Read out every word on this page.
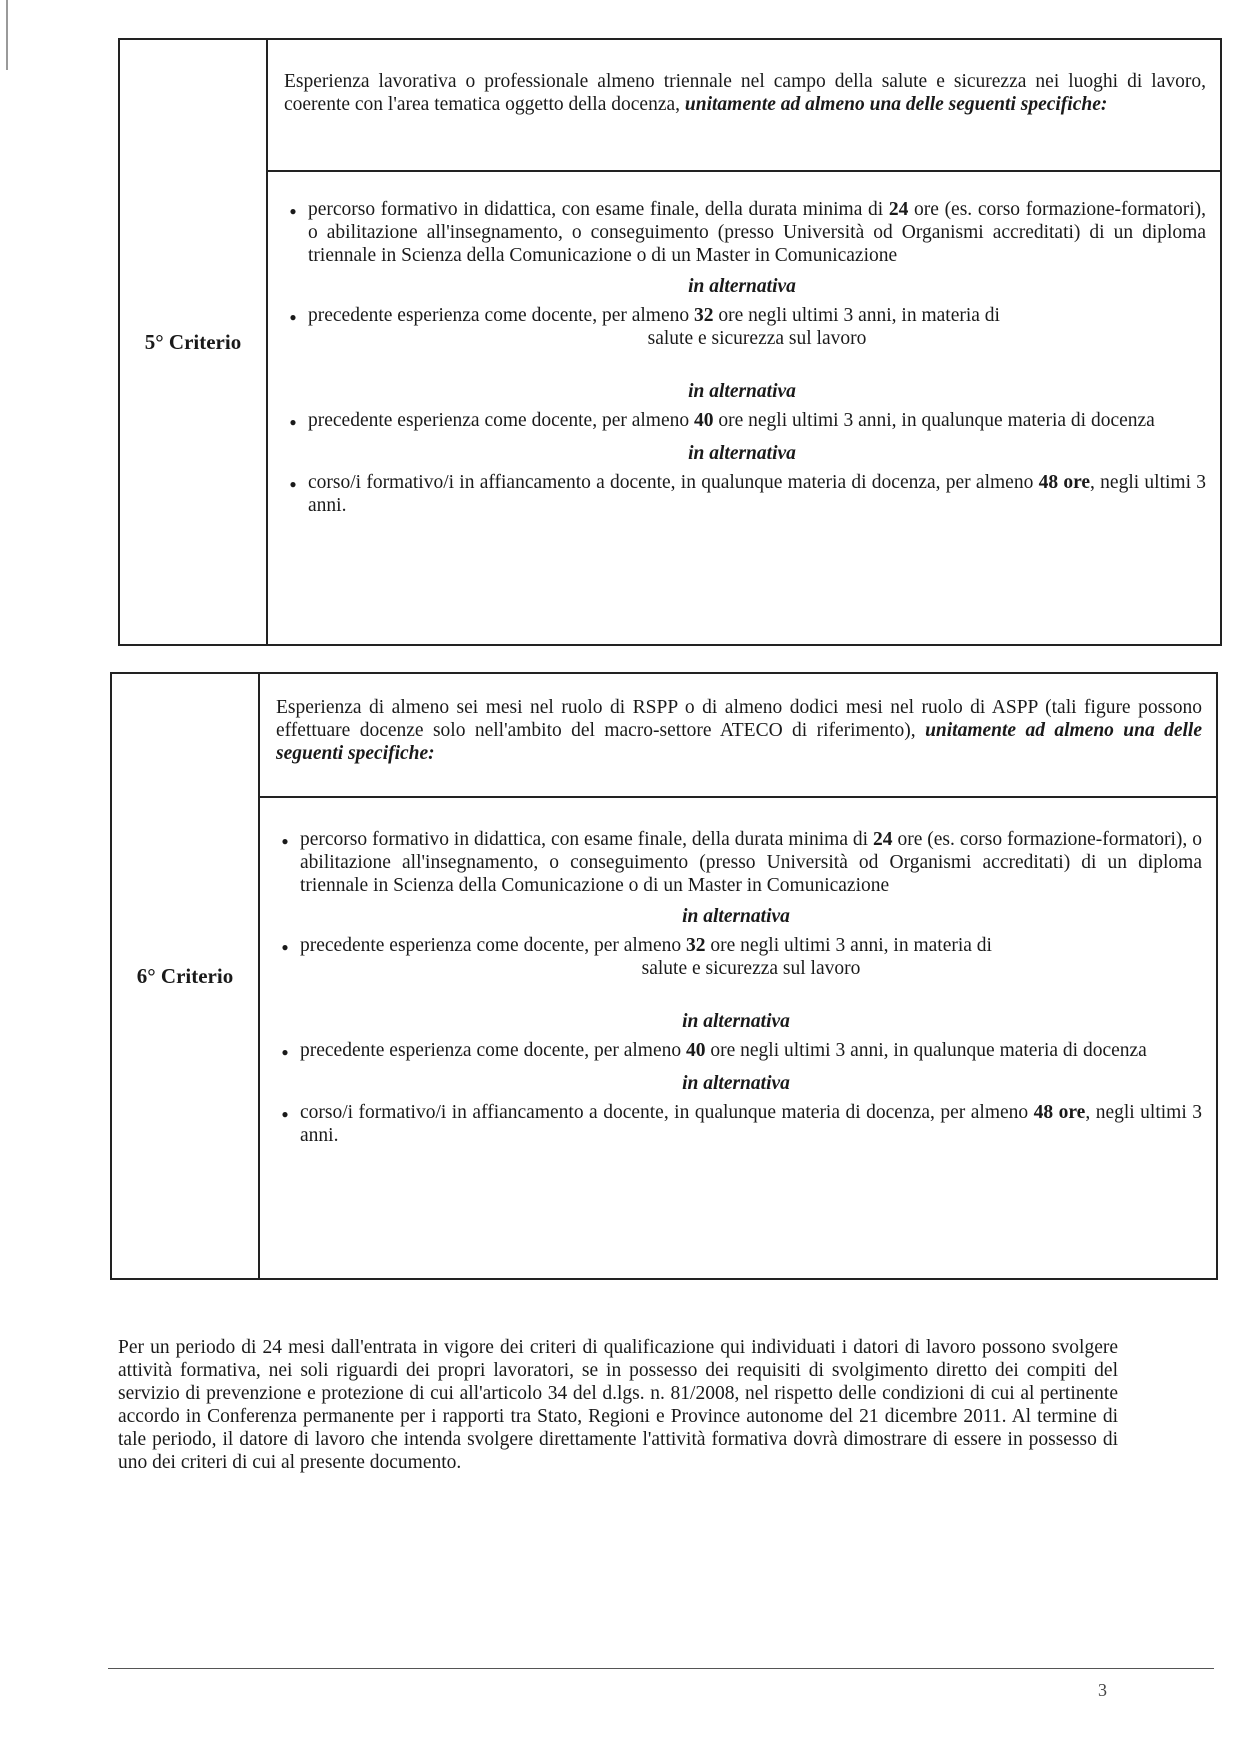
5° Criterio
Esperienza lavorativa o professionale almeno triennale nel campo della salute e sicurezza nei luoghi di lavoro, coerente con l'area tematica oggetto della docenza, unitamente ad almeno una delle seguenti specifiche:
● percorso formativo in didattica, con esame finale, della durata minima di 24 ore (es. corso formazione-formatori), o abilitazione all'insegnamento, o conseguimento (presso Università od Organismi accreditati) di un diploma triennale in Scienza della Comunicazione o di un Master in Comunicazione
in alternativa
● precedente esperienza come docente, per almeno 32 ore negli ultimi 3 anni, in materia di
salute e sicurezza sul lavoro
in alternativa
● precedente esperienza come docente, per almeno 40 ore negli ultimi 3 anni, in qualunque materia di docenza
in alternativa
● corso/i formativo/i in affiancamento a docente, in qualunque materia di docenza, per almeno 48 ore, negli ultimi 3 anni.
6° Criterio
Esperienza di almeno sei mesi nel ruolo di RSPP o di almeno dodici mesi nel ruolo di ASPP (tali figure possono effettuare docenze solo nell'ambito del macro-settore ATECO di riferimento), unitamente ad almeno una delle seguenti specifiche:
● percorso formativo in didattica, con esame finale, della durata minima di 24 ore (es. corso formazione-formatori), o abilitazione all'insegnamento, o conseguimento (presso Università od Organismi accreditati) di un diploma triennale in Scienza della Comunicazione o di un Master in Comunicazione
in alternativa
● precedente esperienza come docente, per almeno 32 ore negli ultimi 3 anni, in materia di
salute e sicurezza sul lavoro
in alternativa
● precedente esperienza come docente, per almeno 40 ore negli ultimi 3 anni, in qualunque materia di docenza
in alternativa
● corso/i formativo/i in affiancamento a docente, in qualunque materia di docenza, per almeno 48 ore, negli ultimi 3 anni.

Per un periodo di 24 mesi dall'entrata in vigore dei criteri di qualificazione qui individuati i datori di lavoro possono svolgere attività formativa, nei soli riguardi dei propri lavoratori, se in possesso dei requisiti di svolgimento diretto dei compiti del servizio di prevenzione e protezione di cui all'articolo 34 del d.lgs. n. 81/2008, nel rispetto delle condizioni di cui al pertinente accordo in Conferenza permanente per i rapporti tra Stato, Regioni e Province autonome del 21 dicembre 2011. Al termine di tale periodo, il datore di lavoro che intenda svolgere direttamente l'attività formativa dovrà dimostrare di essere in possesso di uno dei criteri di cui al presente documento.

3
